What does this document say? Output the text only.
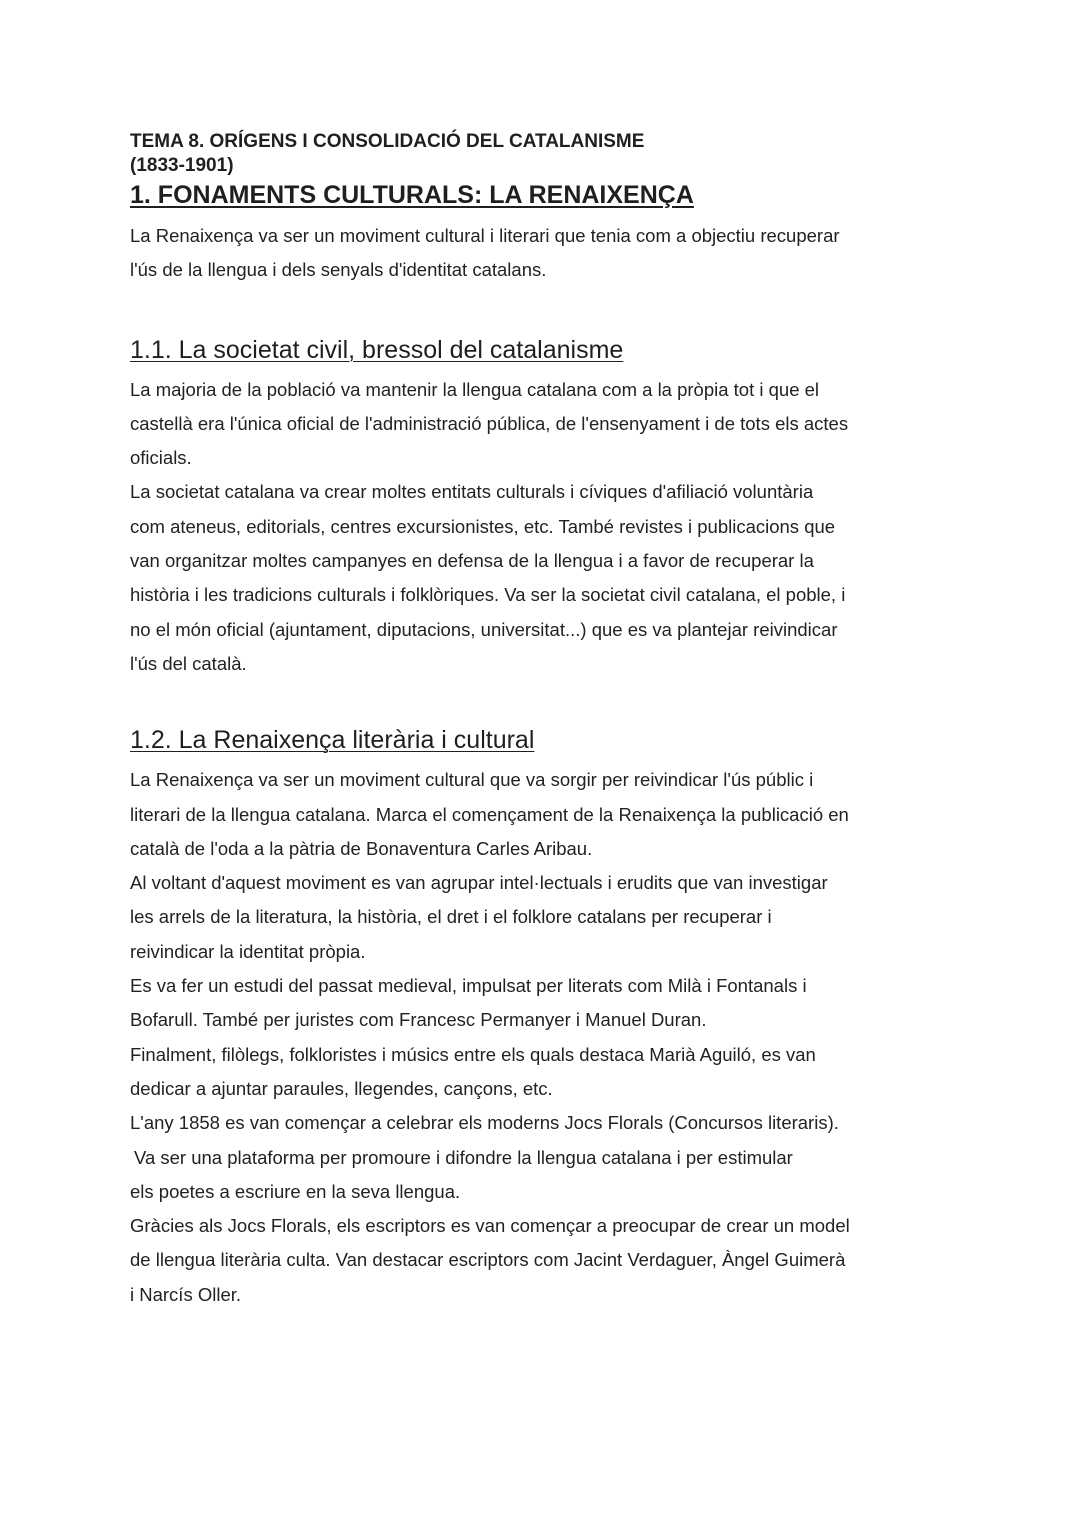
TEMA 8. ORÍGENS I CONSOLIDACIÓ DEL CATALANISME
(1833-1901)
1. FONAMENTS CULTURALS: LA RENAIXENÇA
La Renaixença va ser un moviment cultural i literari que tenia com a objectiu recuperar
l'ús de la llengua i dels senyals d'identitat catalans.
1.1. La societat civil, bressol del catalanisme
La majoria de la població va mantenir la llengua catalana com a la pròpia tot i que el
castellà era l'única oficial de l'administració pública, de l'ensenyament i de tots els actes
oficials.
La societat catalana va crear moltes entitats culturals i cíviques d'afiliació voluntària
com ateneus, editorials, centres excursionistes, etc. També revistes i publicacions que
van organitzar moltes campanyes en defensa de la llengua i a favor de recuperar la
història i les tradicions culturals i folklòriques. Va ser la societat civil catalana, el poble, i
no el món oficial (ajuntament, diputacions, universitat...) que es va plantejar reivindicar
l'ús del català.
1.2. La Renaixença literària i cultural
La Renaixença va ser un moviment cultural que va sorgir per reivindicar l'ús públic i
literari de la llengua catalana. Marca el començament de la Renaixença la publicació en
català de l'oda a la pàtria de Bonaventura Carles Aribau.
Al voltant d'aquest moviment es van agrupar intel·lectuals i erudits que van investigar
les arrels de la literatura, la història, el dret i el folklore catalans per recuperar i
reivindicar la identitat pròpia.
Es va fer un estudi del passat medieval, impulsat per literats com Milà i Fontanals i
Bofarull. També per juristes com Francesc Permanyer i Manuel Duran.
Finalment, filòlegs, folkloristes i músics entre els quals destaca Marià Aguiló, es van
dedicar a ajuntar paraules, llegendes, cançons, etc.
L'any 1858 es van començar a celebrar els moderns Jocs Florals (Concursos literaris).
Va ser una plataforma per promoure i difondre la llengua catalana i per estimular
els poetes a escriure en la seva llengua.
Gràcies als Jocs Florals, els escriptors es van començar a preocupar de crear un model
de llengua literària culta. Van destacar escriptors com Jacint Verdaguer, Àngel Guimerà
i Narcís Oller.
